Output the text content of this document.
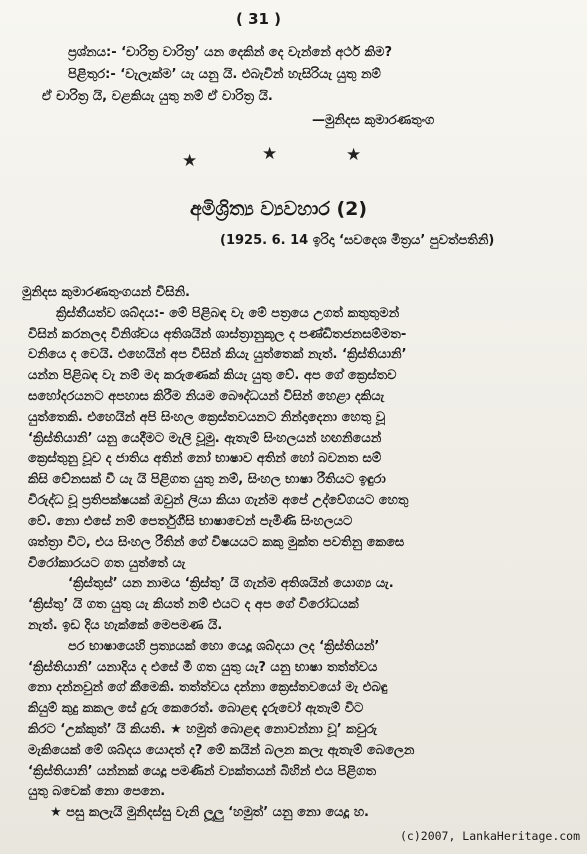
( 31 )
ප්‍රශ්නය:- ‘චාරිත්‍ර වාරිත්‍ර’ යන දෙකින් දෙ වැන්නේ අර්ථ කිම?
පිළිතුර:- ‘වැලැක්ම’ යැ යනු යි. එබැවින් හැසිරියැ යුතු නම්
ඒ චාරිත්‍ර යි, වළකියැ යුතු නම් ඒ වාරිත්‍ර යි.
—මුනිදස කුමාරණතුංග
★	★	★
අමිශ්‍රිත්‍ය ව්‍යවහාර (2)
(1925. 6. 14 ඉරිදා ‘සවදෙශ මිත්‍රය’ පුවත්පතිනි)
මුනිදස කුමාරණතුංගයන් විසිනි.
ක්‍රිස්තීයත්ව ශබ්දය:- මේ පිළිබඳ වැ මේ පත්‍රයෙ උගත් කතුතුමන්
විසින් කරනලද විනිශ්චය අතිශයින් ශාස්ත්‍රානුකූල ද පණ්ඩිතජනසම්මත-
වනියෙ ද වෙයි. එහෙයින් අප විසින් කියැ යුත්තෙක් නැත්. ‘ක්‍රිස්තියානි’
යන්න පිළිබඳ වැ නම් මද කරුණෙක් කියැ යුතු වේ. අප ගේ ක්‍රෙස්තව
සහෝදරයනට අපහාස කිරීම නියම බෞද්ධයන් විසින් හෙළා දකියැ
යුත්තෙකි. එහෙයින් අපි සිංහල ක්‍රෙස්තවයනට නින්දාදෙනා හෙතු වූ
‘ක්‍රිස්තියානි’ යනු යෙදීමට මැලි වූමු. ඇතැම් සිංහලයන් හඟනියෙන්
ක්‍රෙස්තුනු වූව ද ජාතිය අතින් නෝ භාෂාව අතින් හෝ බවනත සම්
කිසි වේනසක් වී යැ යි පිළිගත යුතු නම්, සිංහල භාෂා රීතියට ඉඳුරා
විරුද්ධ වූ ප්‍රතිපක්ෂයක් ඔවුන් ලියා කියා ගැන්ම අපේ උද්වේගයට හෙතු
වේ. නො එසේ නම් පෙර්තුගීසි භාෂාවෙන් පැමිණි සිංහලයට
ශත්ත්‍රා වීට, එය සිංහල රීතින් ගේ විෂයයට කකු මුක්ත පවතිනු කෙසෙ
විරෝකාරයට ගත යුත්තේ යැ
‘ක්‍රිස්තුස්’ යන නාමය ‘ක්‍රිස්තු’ යි ගැන්ම අතිශයින් යොග්‍ය යැ.
‘ක්‍රිස්තු’ යි ගත යුතු යැ කියත් නම් එයට ද අප ගේ විරෝධයක්
නැත්. ඉඩ දිය හැක්කේ මෙපමණ යි.
පර භාෂායෙහි ප්‍රත්‍යයක් හො යෙදූ ශබ්දයා ලද ‘ක්‍රිස්තියන්’
‘ක්‍රිස්තියානි’ යනාදිය ද එසේ මී ගත යුතු යැ? යනු භාෂා තත්ත්වය
නො දන්නවුන් ගේ කීමෙකි. තත්ත්වය දන්නා ක්‍රෙස්තවයෝ මැ එබඳු
කියුම් කුදු කකල සේ දුරු කෙරෙත්. බොළඳ දැරුවෝ ඇතැම් විට
කිරට ‘උක්කුත්’ යි කියති. ★ හමුත් බොළඳ නොවන්නා වූ’ කවුරු
මැකියෙක් මේ ශබ්දය යොදත් ද? මේ කයින් බලන කලැ ඇතැම් බෙලෙන
‘ක්‍රිස්තියානි’ යන්නක් යෙදූ පමණින් ව්‍යක්තයන් බිහින් එය පිළිගත
යුතු බවෙක් නො පෙනෙ.
★ පසු කලැයි මුනිදස්සු වැනි ලූලු ‘හමුත්’ යනු නො යෙදූ හ.
(c)2007, LankaHeritage.com
